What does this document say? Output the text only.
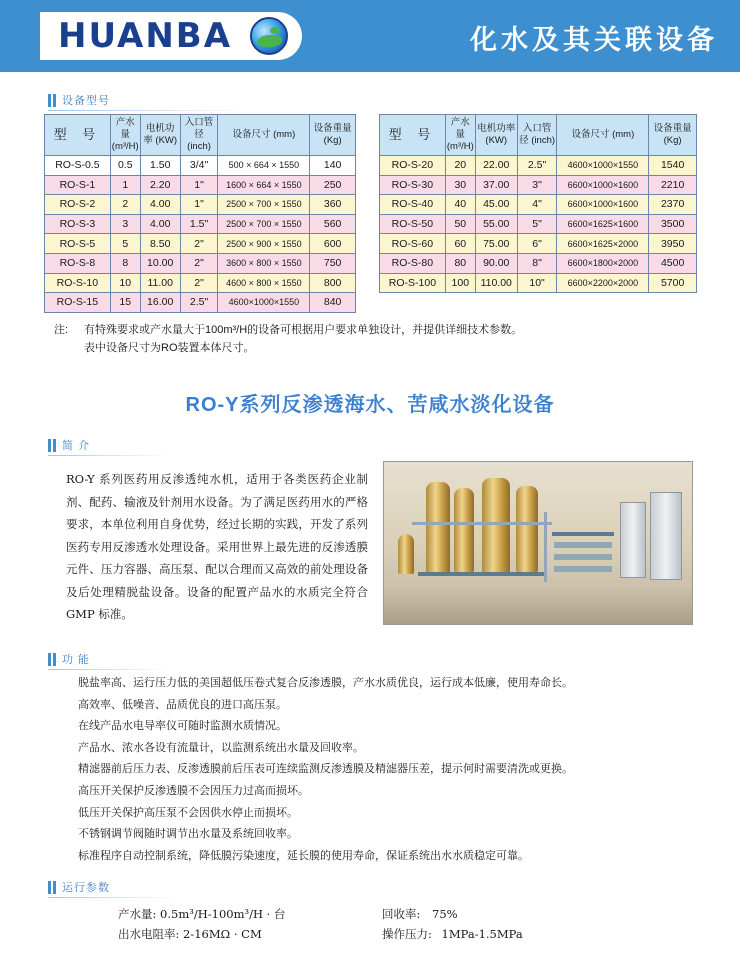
HUANBA	化水及其关联设备
设备型号
型 号	产水量 (m³/H)	电机功率 (KW)	入口管径 (inch)	设备尺寸 (mm)	设备重量 (Kg)
RO-S-0.5	0.5	1.50	3/4"	500 × 664 × 1550	140
RO-S-1	1	2.20	1"	1600 × 664 × 1550	250
RO-S-2	2	4.00	1"	2500 × 700 × 1550	360
RO-S-3	3	4.00	1.5"	2500 × 700 × 1550	560
RO-S-5	5	8.50	2"	2500 × 900 × 1550	600
RO-S-8	8	10.00	2"	3600 × 800 × 1550	750
RO-S-10	10	11.00	2"	4600 × 800 × 1550	800
RO-S-15	15	16.00	2.5"	4600×1000×1550	840
型 号	产水量 (m³/H)	电机功率 (KW)	入口管径 (inch)	设备尺寸 (mm)	设备重量 (Kg)
RO-S-20	20	22.00	2.5"	4600×1000×1550	1540
RO-S-30	30	37.00	3"	6600×1000×1600	2210
RO-S-40	40	45.00	4"	6600×1000×1600	2370
RO-S-50	50	55.00	5"	6600×1625×1600	3500
RO-S-60	60	75.00	6"	6600×1625×2000	3950
RO-S-80	80	90.00	8"	6600×1800×2000	4500
RO-S-100	100	110.00	10"	6600×2200×2000	5700
注: 有特殊要求或产水量大于100m³/H的设备可根据用户要求单独设计，并提供详细技术参数。
表中设备尺寸为RO装置本体尺寸。
RO-Y系列反渗透海水、苦咸水淡化设备
简 介
RO-Y 系列医药用反渗透纯水机，适用于各类医药企业制剂、配药、输液及针剂用水设备。为了满足医药用水的严格要求，本单位利用自身优势，经过长期的实践，开发了系列医药专用反渗透水处理设备。采用世界上最先进的反渗透膜元件、压力容器、高压泵、配以合理而又高效的前处理设备及后处理精脱盐设备。设备的配置产品水的水质完全符合GMP 标准。
功 能
脱盐率高、运行压力低的美国超低压卷式复合反渗透膜，产水水质优良，运行成本低廉，使用寿命长。
高效率、低噪音、品质优良的进口高压泵。
在线产品水电导率仪可随时监测水质情况。
产品水、浓水各设有流量计，以监测系统出水量及回收率。
精滤器前后压力表、反渗透膜前后压表可连续监测反渗透膜及精滤器压差，提示何时需要清洗或更换。
高压开关保护反渗透膜不会因压力过高而损坏。
低压开关保护高压泵不会因供水停止而损坏。
不锈钢调节阀随时调节出水量及系统回收率。
标准程序自动控制系统，降低膜污染速度，延长膜的使用寿命，保证系统出水水质稳定可靠。
运行参数
产水量: 0.5m³/H-100m³/H · 台	回收率: 75%
出水电阻率: 2-16MΩ · CM	操作压力: 1MPa-1.5MPa
